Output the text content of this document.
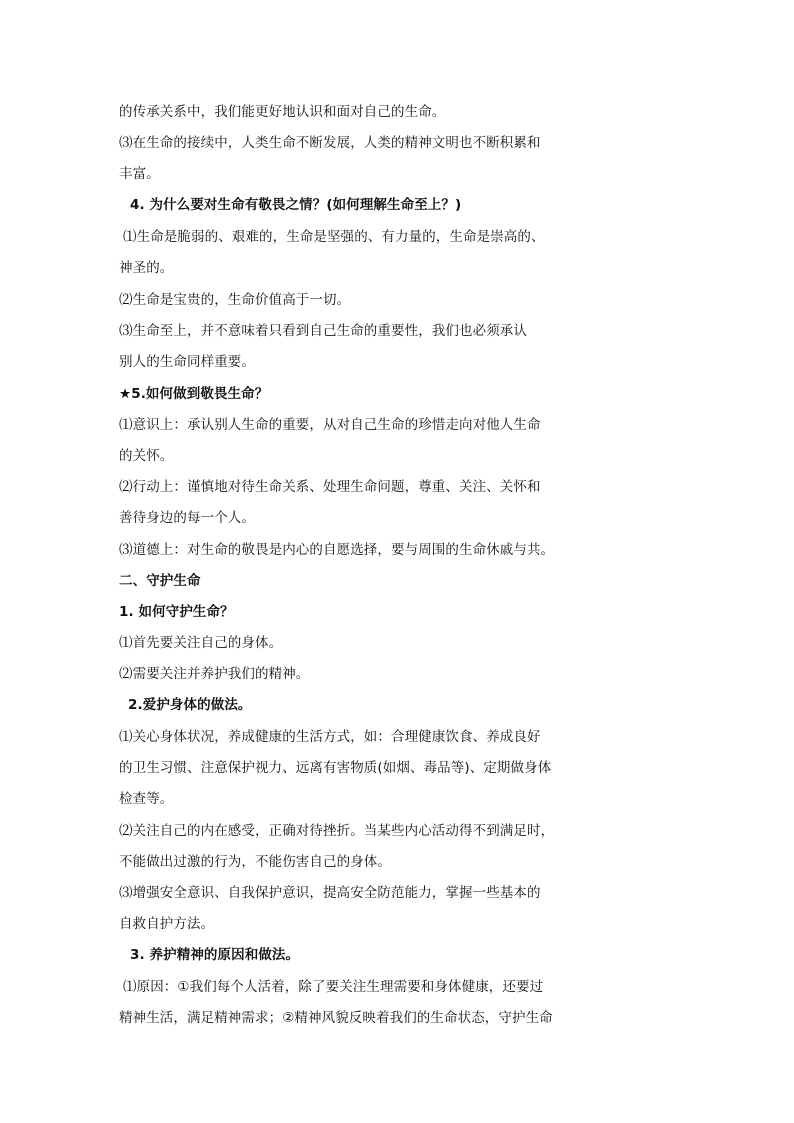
的传承关系中，我们能更好地认识和面对自己的生命。
⑶在生命的接续中，人类生命不断发展，人类的精神文明也不断积累和
丰富。
4. 为什么要对生命有敬畏之情？(如何理解生命至上？)
⑴生命是脆弱的、艰难的，生命是坚强的、有力量的，生命是崇高的、
神圣的。
⑵生命是宝贵的，生命价值高于一切。
⑶生命至上，并不意味着只看到自己生命的重要性，我们也必须承认
别人的生命同样重要。
★5.如何做到敬畏生命？
⑴意识上：承认别人生命的重要，从对自己生命的珍惜走向对他人生命
的关怀。
⑵行动上：谨慎地对待生命关系、处理生命问题，尊重、关注、关怀和
善待身边的每一个人。
⑶道德上：对生命的敬畏是内心的自愿选择，要与周围的生命休戚与共。
二、守护生命
1. 如何守护生命？
⑴首先要关注自己的身体。
⑵需要关注并养护我们的精神。
2.爱护身体的做法。
⑴关心身体状况，养成健康的生活方式，如：合理健康饮食、养成良好
的卫生习惯、注意保护视力、远离有害物质(如烟、毒品等)、定期做身体
检查等。
⑵关注自己的内在感受，正确对待挫折。当某些内心活动得不到满足时，
不能做出过激的行为，不能伤害自己的身体。
⑶增强安全意识、自我保护意识，提高安全防范能力，掌握一些基本的
自救自护方法。
3. 养护精神的原因和做法。
⑴原因：①我们每个人活着，除了要关注生理需要和身体健康，还要过
精神生活，满足精神需求；②精神风貌反映着我们的生命状态，守护生命
